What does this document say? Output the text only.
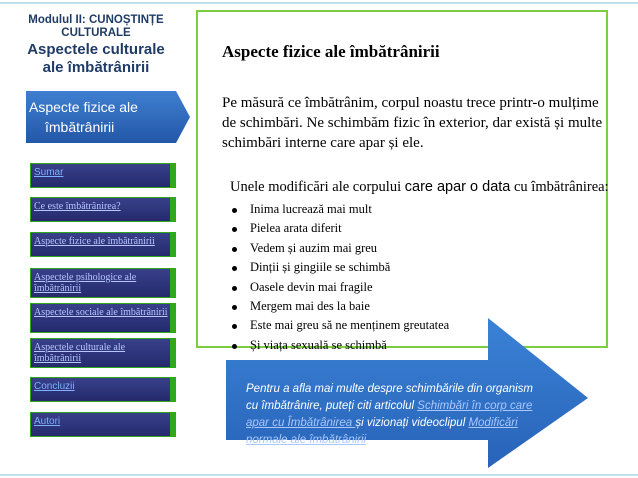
Modulul II: CUNOȘTINȚE
CULTURALE
Aspectele culturale
ale îmbătrânirii
Aspecte fizice ale
îmbătrânirii
Sumar
Ce este îmbătrânirea?
Aspecte fizice ale îmbătrânirii
Aspectele psihologice ale îmbătrânirii
Aspectele sociale ale îmbătrânirii
Aspectele culturale ale îmbătrânirii
Concluzii
Autori
Aspecte fizice ale îmbătrânirii
Pe măsură ce îmbătrânim, corpul noastu trece printr-o mulțime de schimbări. Ne schimbăm fizic în exterior, dar există și multe schimbări interne care apar și ele.
Unele modificări ale corpului care apar o data cu îmbătrânirea:
Inima lucrează mai mult
Pielea arata diferit
Vedem și auzim mai greu
Dinții și gingiile se schimbă
Oasele devin mai fragile
Mergem mai des la baie
Este mai greu să ne menținem greutatea
Și viața sexuală se schimbă
Pentru a afla mai multe despre schimbările din organism cu îmbătrânire, puteți citi articolul Schimbări în corp care apar cu Îmbătrânirea și vizionați videoclipul Modificări normale ale îmbătrânirii.
